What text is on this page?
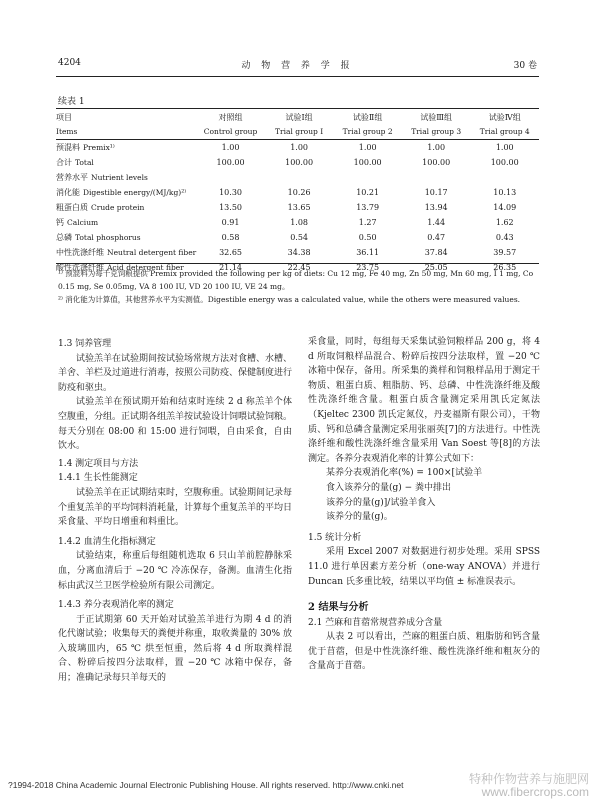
4204	动 物 营 养 学 报	30 卷
续表 1
项目	对照组	试验Ⅰ组	试验Ⅱ组	试验Ⅲ组	试验Ⅳ组
Items	Control group	Trial group Ⅰ	Trial group 2	Trial group 3	Trial group 4
预混料 Premix¹⁾	1.00	1.00	1.00	1.00	1.00
合计 Total	100.00	100.00	100.00	100.00	100.00
营养水平 Nutrient levels					
消化能 Digestible energy/(MJ/kg)²⁾	10.30	10.26	10.21	10.17	10.13
粗蛋白质 Crude protein	13.50	13.65	13.79	13.94	14.09
钙 Calcium	0.91	1.08	1.27	1.44	1.62
总磷 Total phosphorus	0.58	0.54	0.50	0.47	0.43
中性洗涤纤维 Neutral detergent fiber	32.65	34.38	36.11	37.84	39.57
酸性洗涤纤维 Acid detergent fiber	21.14	22.45	23.75	25.05	26.35
¹⁾ 预混料为每千克饲粮提供 Premix provided the following per kg of diets: Cu 12 mg, Fe 40 mg, Zn 50 mg, Mn 60 mg, I 1 mg, Co 0.15 mg, Se 0.05mg, VA 8 100 IU, VD 20 100 IU, VE 24 mg。
²⁾ 消化能为计算值，其他营养水平为实测值。Digestible energy was a calculated value, while the others were measured values.
1.3 饲养管理

试验羔羊在试验期间按试验场常规方法对食槽、水槽、羊舍、羊栏及过道进行消毒，按照公司防疫、保健制度进行防疫和驱虫。

试验羔羊在预试期开始和结束时连续 2 d 称羔羊个体空腹重，分组。正试期各组羔羊按试验设计饲喂试验饲粮。每天分别在 08:00 和 15:00 进行饲喂，自由采食，自由饮水。

1.4 测定项目与方法
1.4.1 生长性能测定

试验羔羊在正试期结束时，空腹称重。试验期间记录每个重复羔羊的平均饲料消耗量，计算每个重复羔羊的平均日采食量、平均日增重和料重比。

1.4.2 血清生化指标测定

试验结束，称重后每组随机选取 6 只山羊前腔静脉采血，分离血清后于 −20 ℃ 冷冻保存，备测。血清生化指标由武汉兰卫医学检验所有限公司测定。

1.4.3 养分表观消化率的测定

于正试期第 60 天开始对试验羔羊进行为期 4 d 的消化代谢试验；收集每天的粪便并称重，取收粪量的 30% 放入玻璃皿内，65 ℃ 烘至恒重，然后将 4 d 所取粪样混合、粉碎后按四分法取样，置 −20 ℃ 冰箱中保存，备用；准确记录每只羊每天的

采食量，同时，每组每天采集试验饲粮样品 200 g，将 4 d 所取饲粮样品混合、粉碎后按四分法取样，置 −20 ℃ 冰箱中保存，备用。所采集的粪样和饲粮样品用于测定干物质、粗蛋白质、粗脂肪、钙、总磷、中性洗涤纤维及酸性洗涤纤维含量。粗蛋白质含量测定采用凯氏定氮法（Kjeltec 2300 凯氏定氮仪，丹麦福斯有限公司），干物质、钙和总磷含量测定采用张丽英[7]的方法进行。中性洗涤纤维和酸性洗涤纤维含量采用 Van Soest 等[8]的方法测定。各养分表观消化率的计算公式如下：

某养分表观消化率(%) = 100×[试验羊

食入该养分的量(g) − 粪中排出

该养分的量(g)]/试验羊食入

该养分的量(g)。

1.5 统计分析

采用 Excel 2007 对数据进行初步处理。采用 SPSS 11.0 进行单因素方差分析（one-way ANOVA）并进行 Duncan 氏多重比较，结果以平均值 ± 标准误表示。

2 结果与分析
2.1 苎麻和苜蓿常规营养成分含量

从表 2 可以看出，苎麻的粗蛋白质、粗脂肪和钙含量优于苜蓿，但是中性洗涤纤维、酸性洗涤纤维和粗灰分的含量高于苜蓿。

?1994-2018 China Academic Journal Electronic Publishing House. All rights reserved. http://www.cnki.net	特种作物营养与施肥网
www.fibercrops.com
